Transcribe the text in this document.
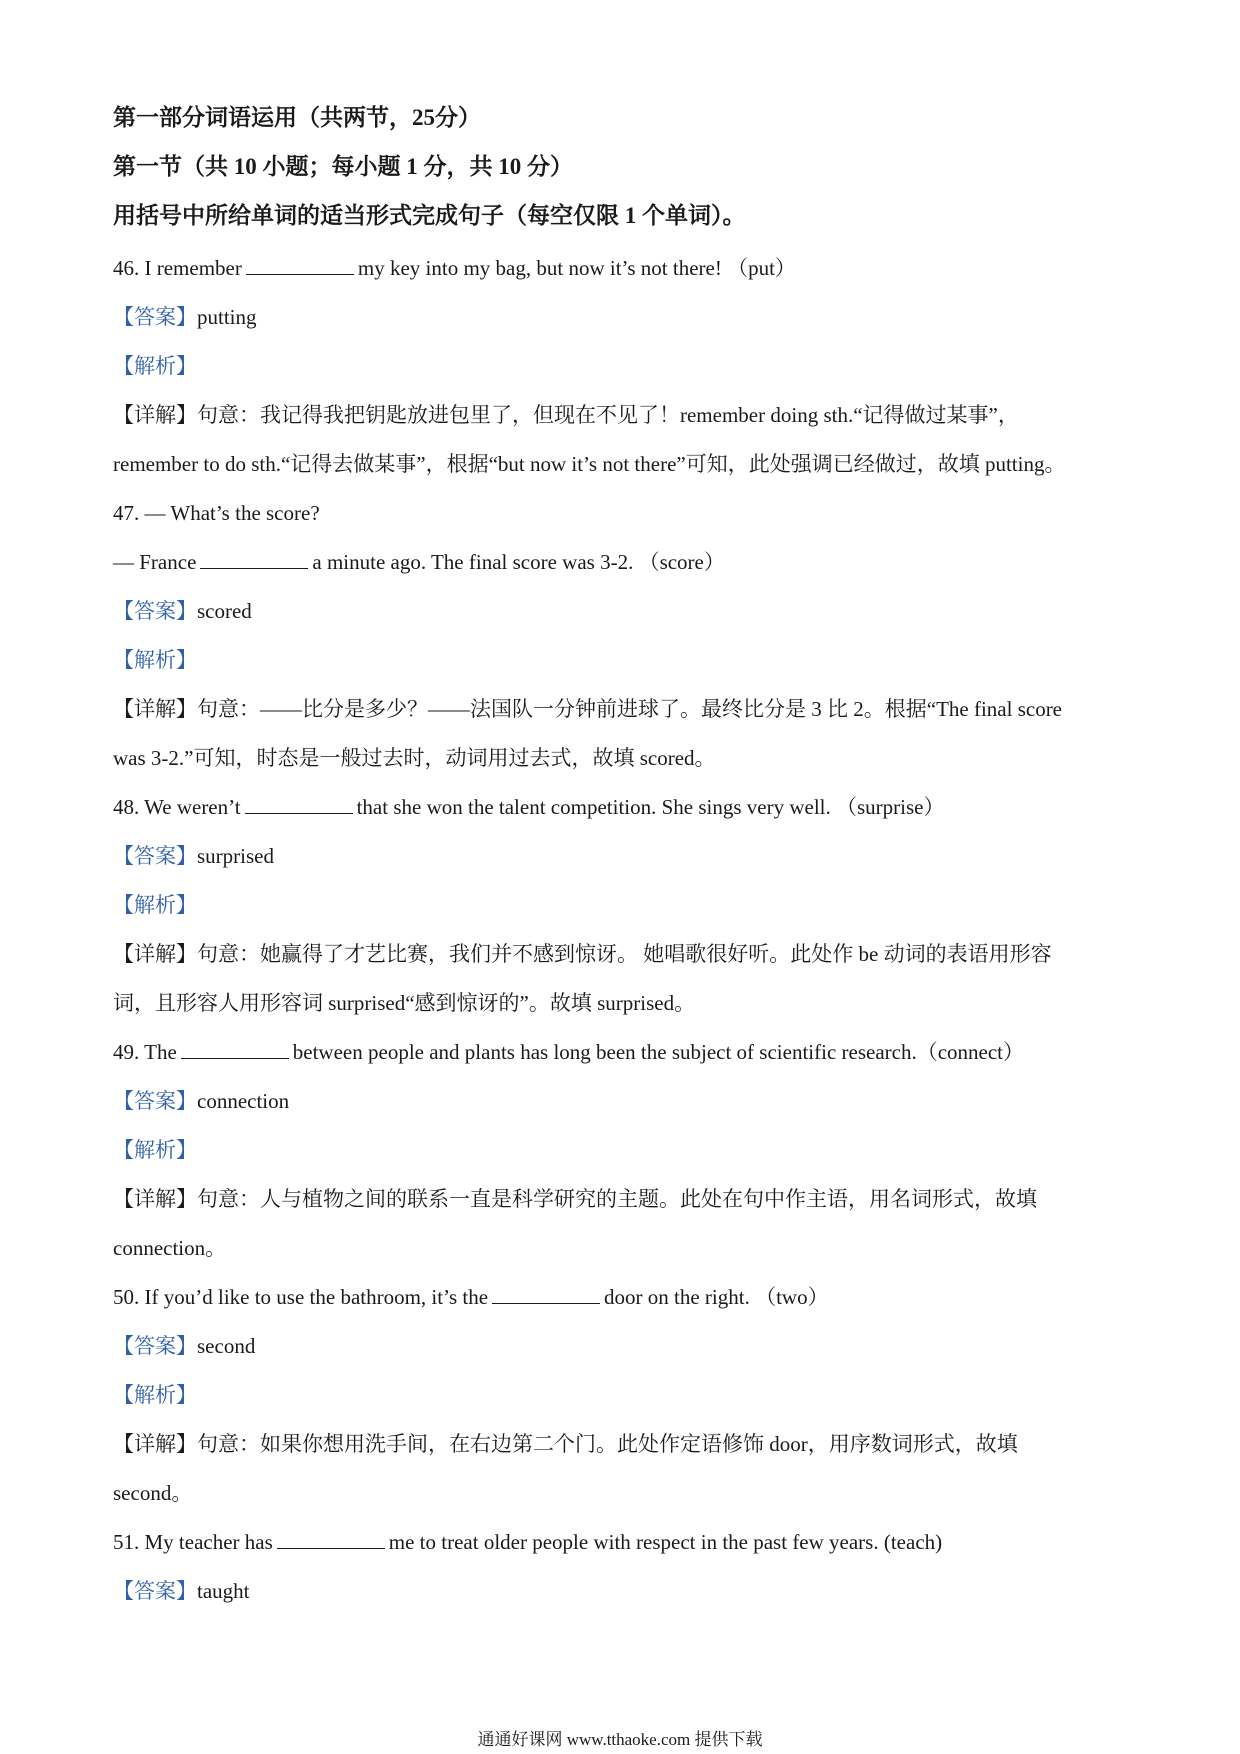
第一部分词语运用（共两节，25分）
第一节（共 10 小题；每小题 1 分，共 10 分）
用括号中所给单词的适当形式完成句子（每空仅限 1 个单词）。
46. I remember	my key into my bag, but now it’s not there! （put）
【答案】putting
【解析】
【详解】句意：我记得我把钥匙放进包里了，但现在不见了！remember doing sth.“记得做过某事”，
remember to do sth.“记得去做某事”，根据“but now it’s not there”可知，此处强调已经做过，故填 putting。
47. — What’s the score?
— France	a minute ago. The final score was 3-2. （score）
【答案】scored
【解析】
【详解】句意：——比分是多少？——法国队一分钟前进球了。最终比分是 3 比 2。根据“The final score
was 3-2.”可知，时态是一般过去时，动词用过去式，故填 scored。
48. We weren’t	that she won the talent competition. She sings very well. （surprise）
【答案】surprised
【解析】
【详解】句意：她赢得了才艺比赛，我们并不感到惊讶。 她唱歌很好听。此处作 be 动词的表语用形容
词，且形容人用形容词 surprised“感到惊讶的”。故填 surprised。
49. The	between people and plants has long been the subject of scientific research.（connect）
【答案】connection
【解析】
【详解】句意：人与植物之间的联系一直是科学研究的主题。此处在句中作主语，用名词形式，故填
connection。
50. If you’d like to use the bathroom, it’s the	door on the right. （two）
【答案】second
【解析】
【详解】句意：如果你想用洗手间，在右边第二个门。此处作定语修饰 door，用序数词形式，故填
second。
51. My teacher has	me to treat older people with respect in the past few years. (teach)
【答案】taught
通通好课网 www.tthaoke.com 提供下载
